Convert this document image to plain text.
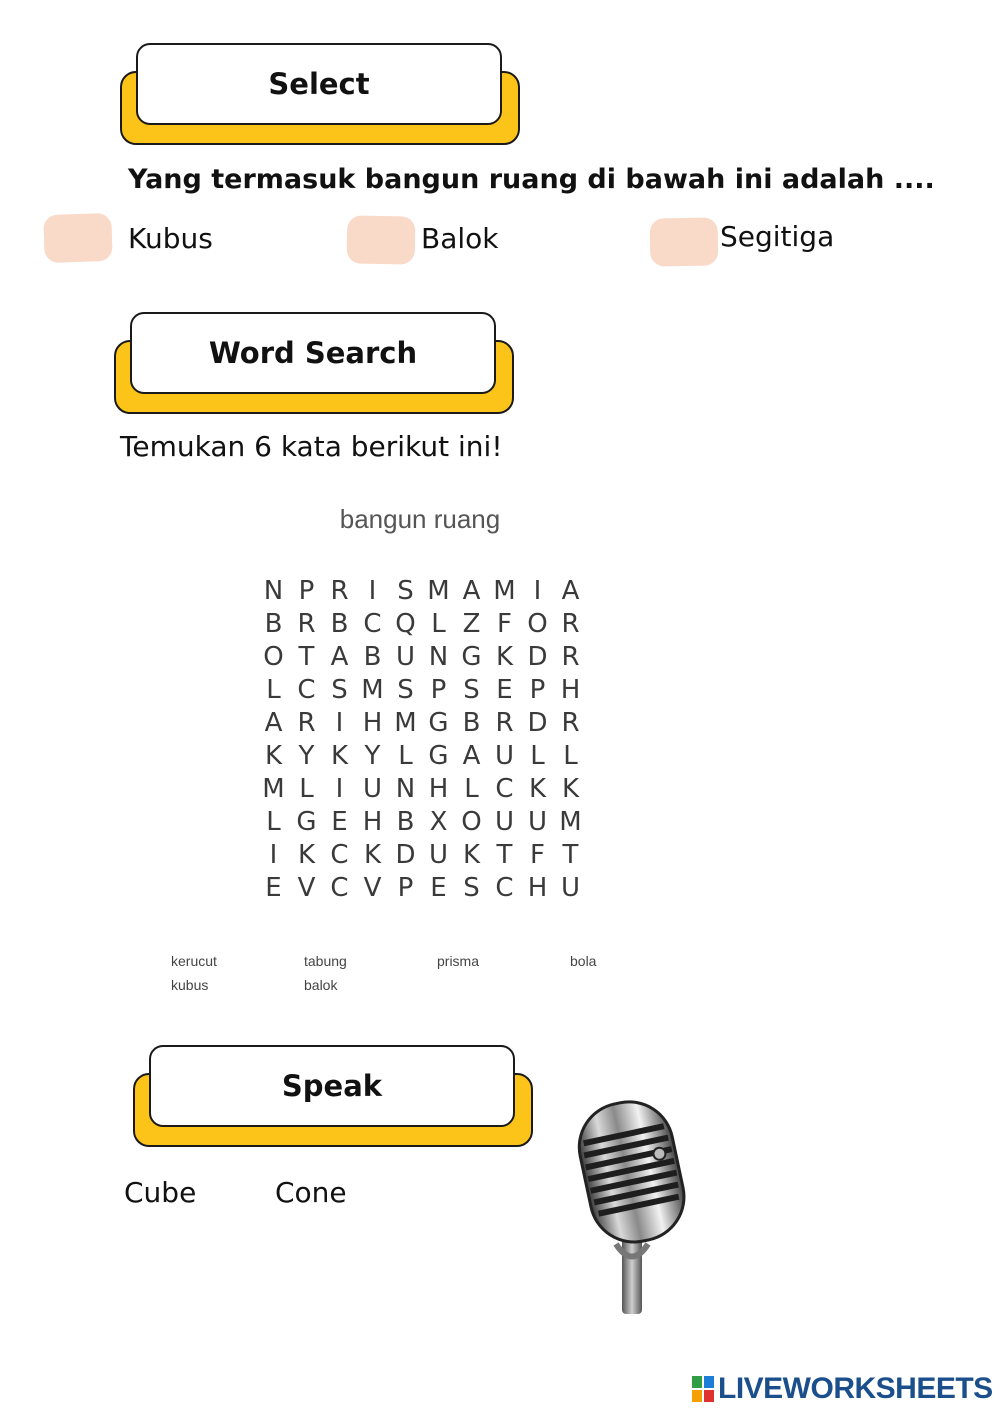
Select
Yang termasuk bangun ruang di bawah ini adalah ....
Kubus	Balok	Segitiga
Word Search
Temukan 6 kata berikut ini!
bangun ruang
N P R I S M A M I A
B R B C Q L Z F O R
O T A B U N G K D R
L C S M S P S E P H
A R I H M G B R D R
K Y K Y L G A U L L
M L I U N H L C K K
L G E H B X O U U M
I K C K D U K T F T
E V C V P E S C H U
kerucut	tabung	prisma	bola
kubus	balok
Speak
Cube	Cone
LIVEWORKSHEETS
